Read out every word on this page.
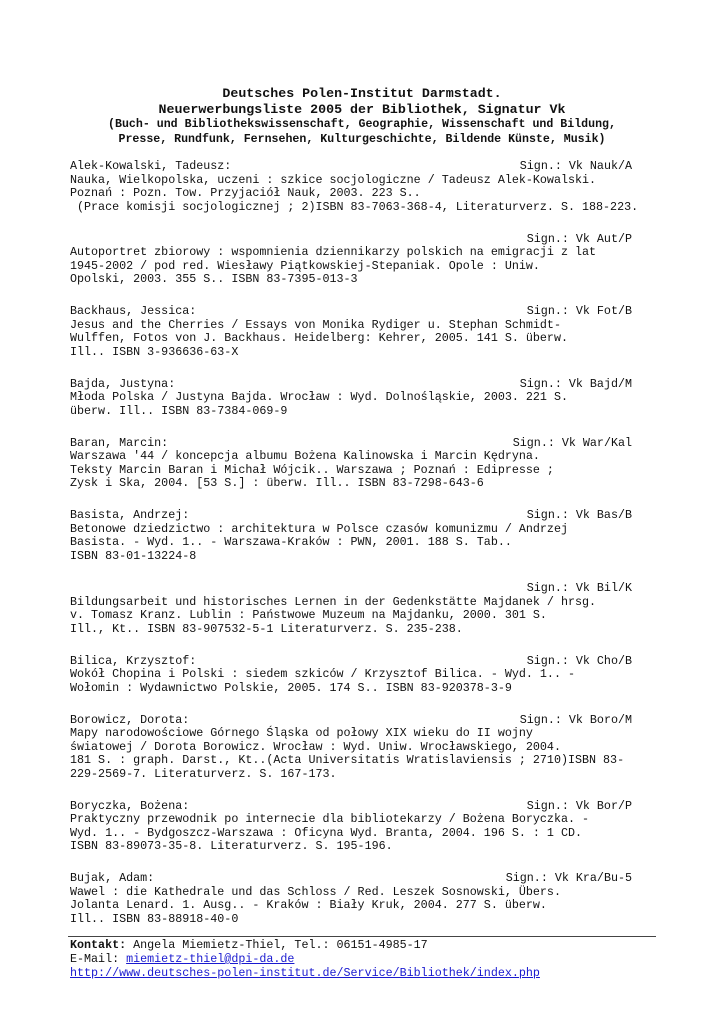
Deutsches Polen-Institut Darmstadt.
Neuerwerbungsliste 2005 der Bibliothek, Signatur Vk
(Buch- und Bibliothekswissenschaft, Geographie, Wissenschaft und Bildung,
Presse, Rundfunk, Fernsehen, Kulturgeschichte, Bildende Künste, Musik)
Alek-Kowalski, Tadeusz:	Sign.: Vk Nauk/A
Nauka, Wielkopolska, uczeni : szkice socjologiczne / Tadeusz Alek-Kowalski.
Poznań : Pozn. Tow. Przyjaciół Nauk, 2003. 223 S..
(Prace komisji socjologicznej ; 2)ISBN 83-7063-368-4, Literaturverz. S. 188-223.
Sign.: Vk Aut/P
Autoportret zbiorowy : wspomnienia dziennikarzy polskich na emigracji z lat
1945-2002 / pod red. Wiesławy Piątkowskiej-Stepaniak. Opole : Uniw.
Opolski, 2003. 355 S.. ISBN 83-7395-013-3
Backhaus, Jessica:	Sign.: Vk Fot/B
Jesus and the Cherries / Essays von Monika Rydiger u. Stephan Schmidt-
Wulffen, Fotos von J. Backhaus. Heidelberg: Kehrer, 2005. 141 S. überw.
Ill.. ISBN 3-936636-63-X
Bajda, Justyna:	Sign.: Vk Bajd/M
Młoda Polska / Justyna Bajda. Wrocław : Wyd. Dolnośląskie, 2003. 221 S.
überw. Ill.. ISBN 83-7384-069-9
Baran, Marcin:	Sign.: Vk War/Kal
Warszawa '44 / koncepcja albumu Bożena Kalinowska i Marcin Kędryna.
Teksty Marcin Baran i Michał Wójcik.. Warszawa ; Poznań : Edipresse ;
Zysk i Ska, 2004. [53 S.] : überw. Ill.. ISBN 83-7298-643-6
Basista, Andrzej:	Sign.: Vk Bas/B
Betonowe dziedzictwo : architektura w Polsce czasów komunizmu / Andrzej
Basista. - Wyd. 1.. - Warszawa-Kraków : PWN, 2001. 188 S. Tab..
ISBN 83-01-13224-8
Sign.: Vk Bil/K
Bildungsarbeit und historisches Lernen in der Gedenkstätte Majdanek / hrsg.
v. Tomasz Kranz. Lublin : Państwowe Muzeum na Majdanku, 2000. 301 S.
Ill., Kt.. ISBN 83-907532-5-1 Literaturverz. S. 235-238.
Bilica, Krzysztof:	Sign.: Vk Cho/B
Wokół Chopina i Polski : siedem szkiców / Krzysztof Bilica. - Wyd. 1.. -
Wołomin : Wydawnictwo Polskie, 2005. 174 S.. ISBN 83-920378-3-9
Borowicz, Dorota:	Sign.: Vk Boro/M
Mapy narodowościowe Górnego Śląska od połowy XIX wieku do II wojny
światowej / Dorota Borowicz. Wrocław : Wyd. Uniw. Wrocławskiego, 2004.
181 S. : graph. Darst., Kt..(Acta Universitatis Wratislaviensis ; 2710)ISBN 83-
229-2569-7. Literaturverz. S. 167-173.
Boryczka, Bożena:	Sign.: Vk Bor/P
Praktyczny przewodnik po internecie dla bibliotekarzy / Bożena Boryczka. -
Wyd. 1.. - Bydgoszcz-Warszawa : Oficyna Wyd. Branta, 2004. 196 S. : 1 CD.
ISBN 83-89073-35-8. Literaturverz. S. 195-196.
Bujak, Adam:	Sign.: Vk Kra/Bu-5
Wawel : die Kathedrale und das Schloss / Red. Leszek Sosnowski, Übers.
Jolanta Lenard. 1. Ausg.. - Kraków : Biały Kruk, 2004. 277 S. überw.
Ill.. ISBN 83-88918-40-0
Kontakt: Angela Miemietz-Thiel, Tel.: 06151-4985-17
E-Mail: miemietz-thiel@dpi-da.de
http://www.deutsches-polen-institut.de/Service/Bibliothek/index.php
